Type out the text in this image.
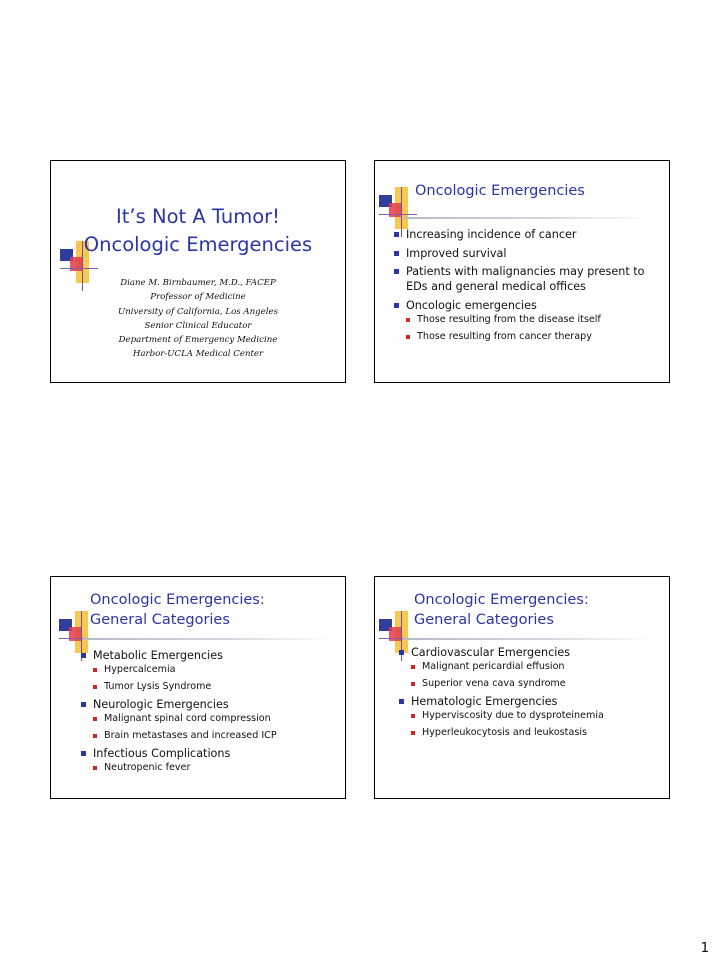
It’s Not A Tumor!
Oncologic Emergencies
Diane M. Birnbaumer, M.D., FACEP
Professor of Medicine
University of California, Los Angeles
Senior Clinical Educator
Department of Emergency Medicine
Harbor-UCLA Medical Center
Oncologic Emergencies
Increasing incidence of cancer
Improved survival
Patients with malignancies may present to EDs and general medical offices
Oncologic emergencies
Those resulting from the disease itself
Those resulting from cancer therapy
Oncologic Emergencies:
General Categories
Metabolic Emergencies
Hypercalcemia
Tumor Lysis Syndrome
Neurologic Emergencies
Malignant spinal cord compression
Brain metastases and increased ICP
Infectious Complications
Neutropenic fever
Oncologic Emergencies:
General Categories
Cardiovascular Emergencies
Malignant pericardial effusion
Superior vena cava syndrome
Hematologic Emergencies
Hyperviscosity due to dysproteinemia
Hyperleukocytosis and leukostasis
1
